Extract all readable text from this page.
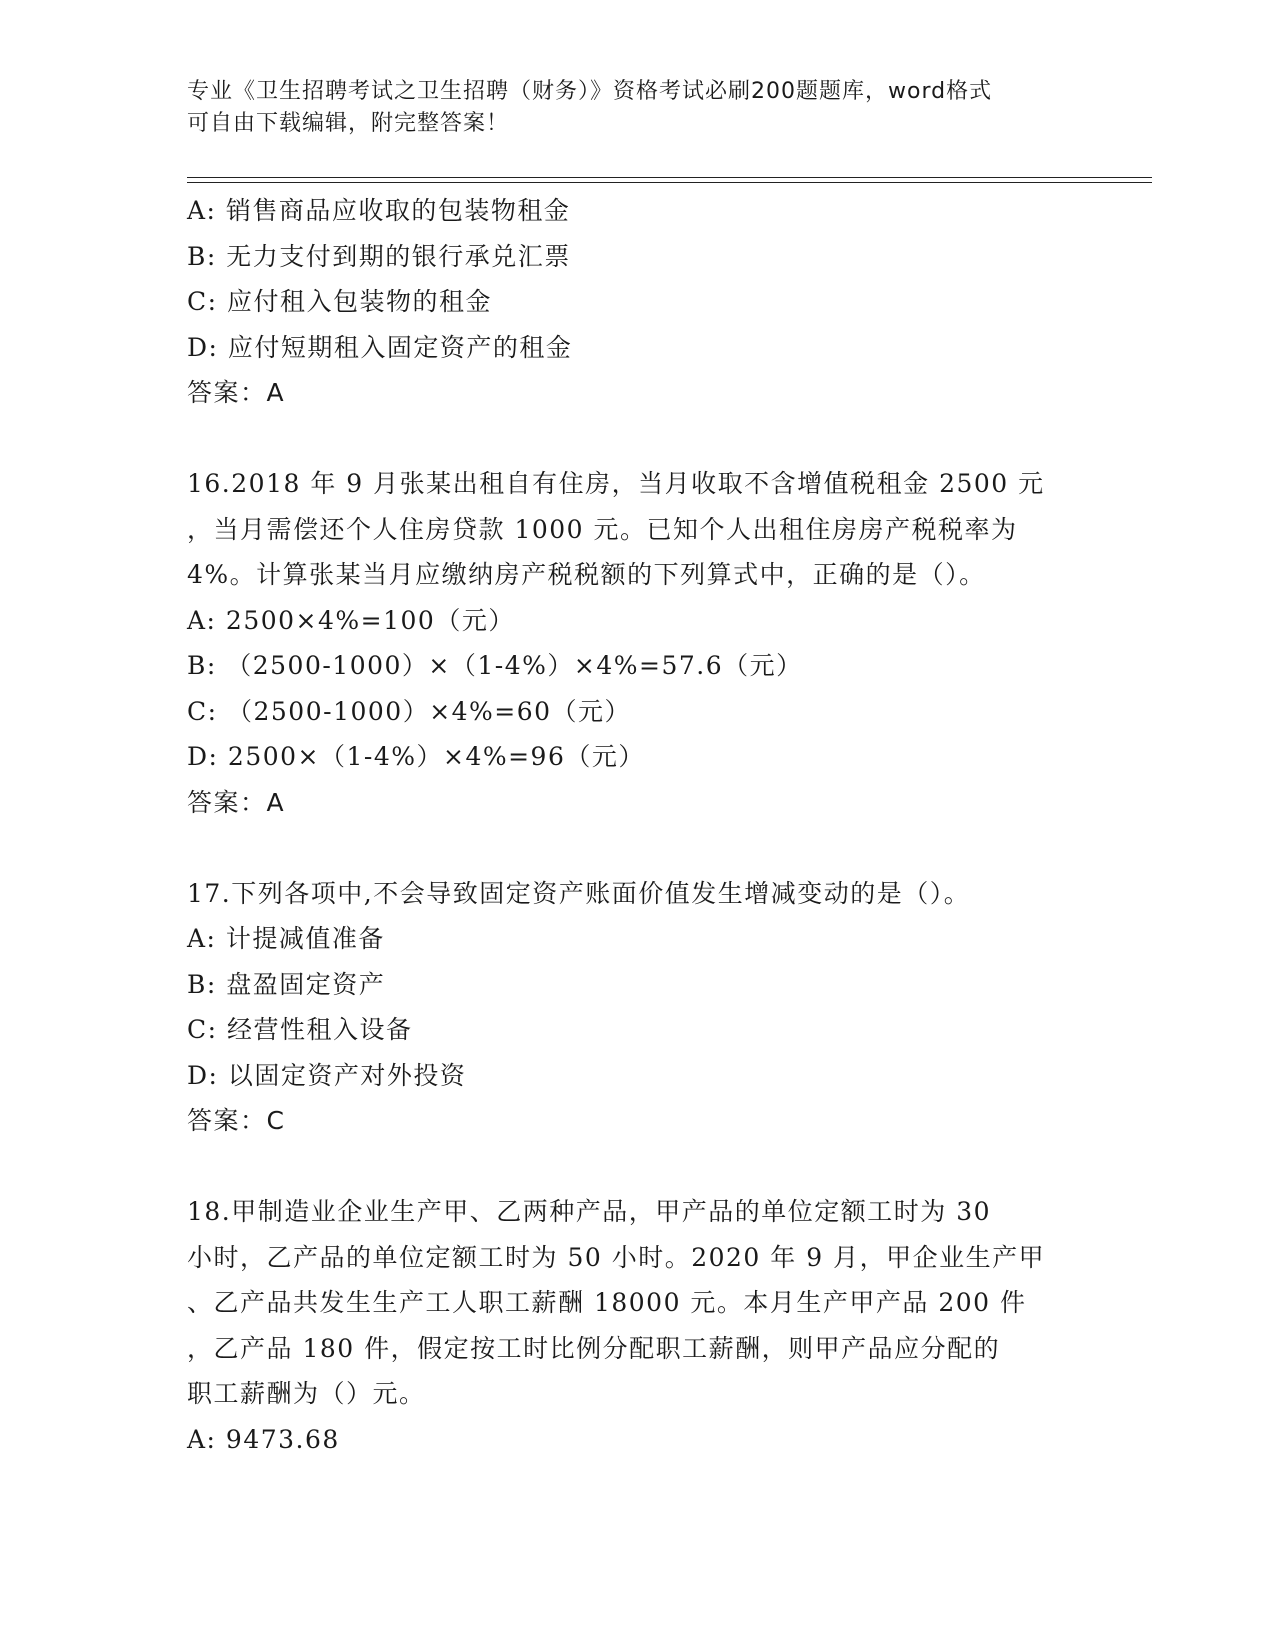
专业《卫生招聘考试之卫生招聘（财务）》资格考试必刷200题题库，word格式
可自由下载编辑，附完整答案！
A: 销售商品应收取的包装物租金
B: 无力支付到期的银行承兑汇票
C: 应付租入包装物的租金
D: 应付短期租入固定资产的租金
答案：A
16.2018 年 9 月张某出租自有住房，当月收取不含增值税租金 2500 元
，当月需偿还个人住房贷款 1000 元。已知个人出租住房房产税税率为
4%。计算张某当月应缴纳房产税税额的下列算式中，正确的是（）。
A: 2500×4%=100（元）
B: （2500-1000）×（1-4%）×4%=57.6（元）
C: （2500-1000）×4%=60（元）
D: 2500×（1-4%）×4%=96（元）
答案：A
17.下列各项中,不会导致固定资产账面价值发生增减变动的是（）。
A: 计提减值准备
B: 盘盈固定资产
C: 经营性租入设备
D: 以固定资产对外投资
答案：C
18.甲制造业企业生产甲、乙两种产品，甲产品的单位定额工时为 30
小时，乙产品的单位定额工时为 50 小时。2020 年 9 月，甲企业生产甲
、乙产品共发生生产工人职工薪酬 18000 元。本月生产甲产品 200 件
，乙产品 180 件，假定按工时比例分配职工薪酬，则甲产品应分配的
职工薪酬为（）元。
A: 9473.68
